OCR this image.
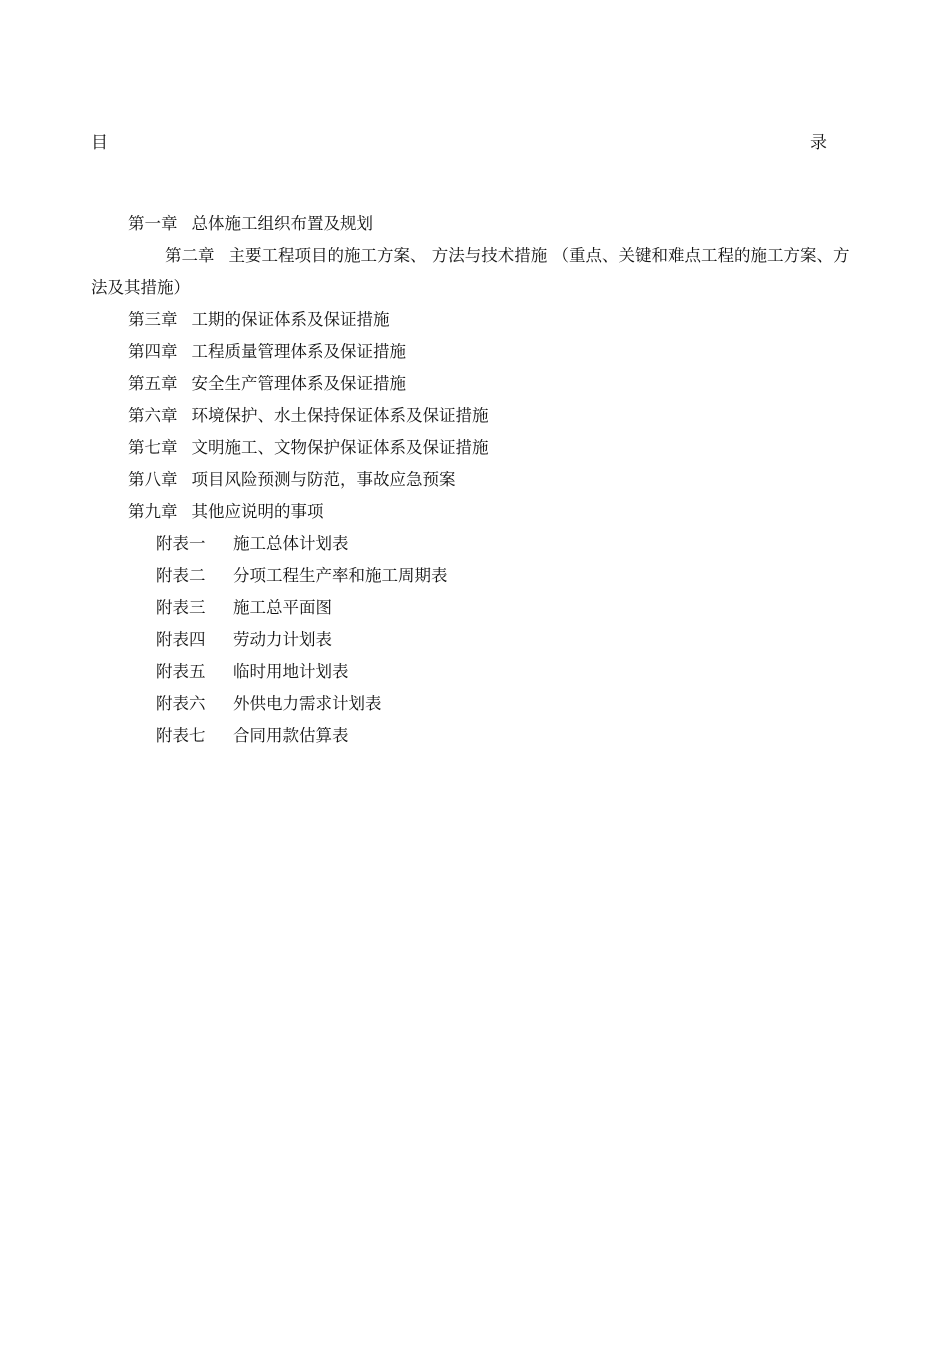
目	录
第一章 总体施工组织布置及规划
第二章 主要工程项目的施工方案、 方法与技术措施 （重点、关键和难点工程的施工方案、方法及其措施）
第三章 工期的保证体系及保证措施
第四章 工程质量管理体系及保证措施
第五章 安全生产管理体系及保证措施
第六章 环境保护、水土保持保证体系及保证措施
第七章 文明施工、文物保护保证体系及保证措施
第八章 项目风险预测与防范，事故应急预案
第九章 其他应说明的事项
附表一 施工总体计划表
附表二 分项工程生产率和施工周期表
附表三 施工总平面图
附表四 劳动力计划表
附表五 临时用地计划表
附表六 外供电力需求计划表
附表七 合同用款估算表
